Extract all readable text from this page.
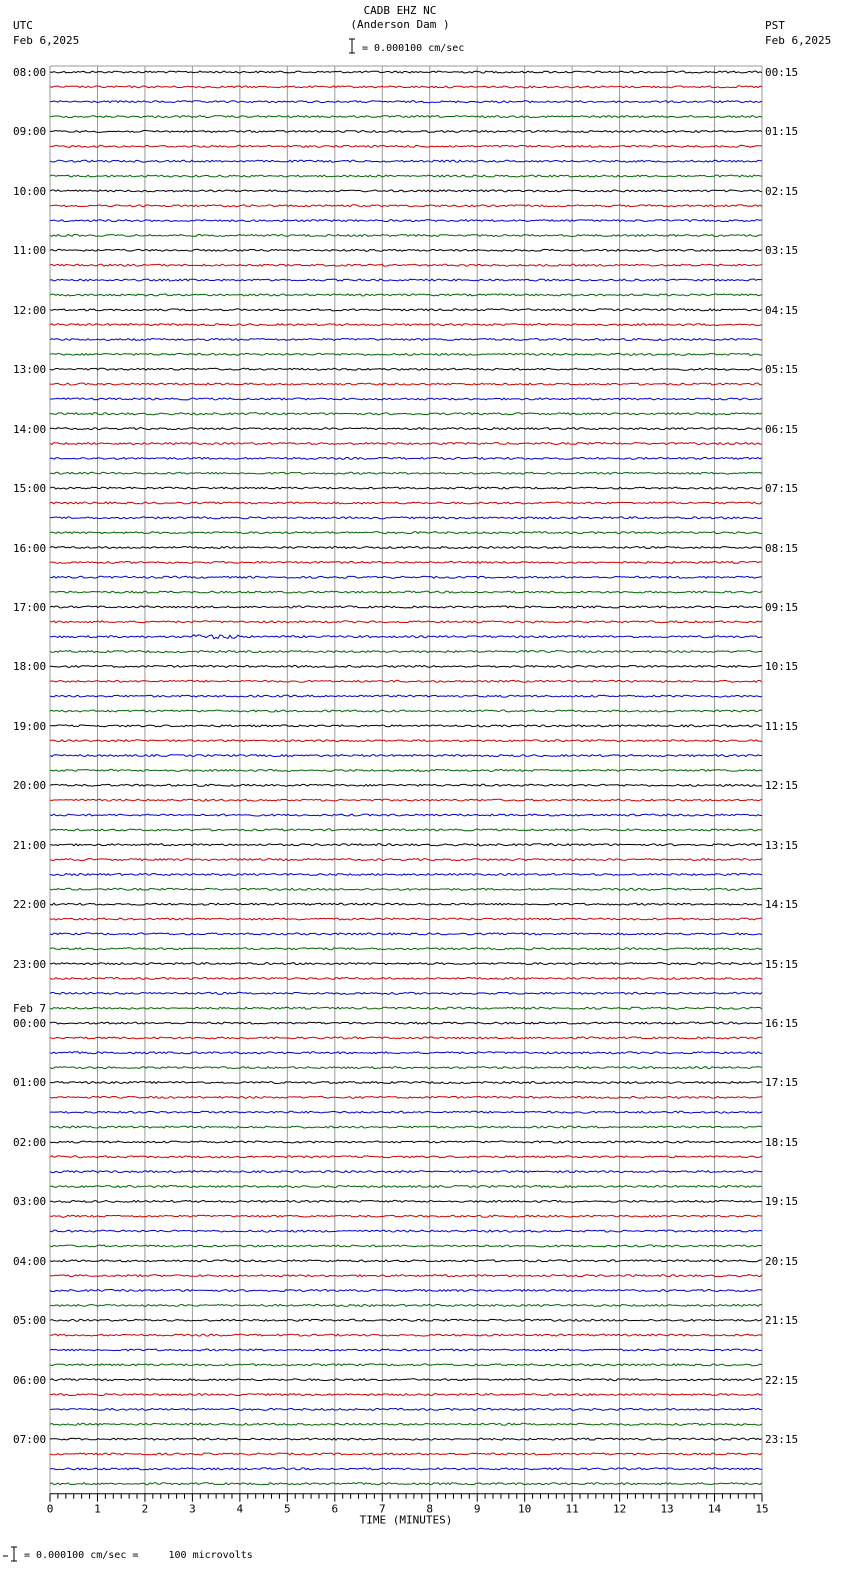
UTC
Feb 6,2025
PST
Feb 6,2025
CADB EHZ NC
(Anderson Dam )
= 0.000100 cm/sec
0	1	2	3	4	5	6	7	8	9	10	11	12	13	14	15
TIME (MINUTES)
08:00	00:15
09:00	01:15
10:00	02:15
11:00	03:15
12:00	04:15
13:00	05:15
14:00	06:15
15:00	07:15
16:00	08:15
17:00	09:15
18:00	10:15
19:00	11:15
20:00	12:15
21:00	13:15
22:00	14:15
23:00	15:15
00:00	16:15
01:00	17:15
02:00	18:15
03:00	19:15
04:00	20:15
05:00	21:15
06:00	22:15
07:00	23:15
Feb 7
= 0.000100 cm/sec =     100 microvolts
